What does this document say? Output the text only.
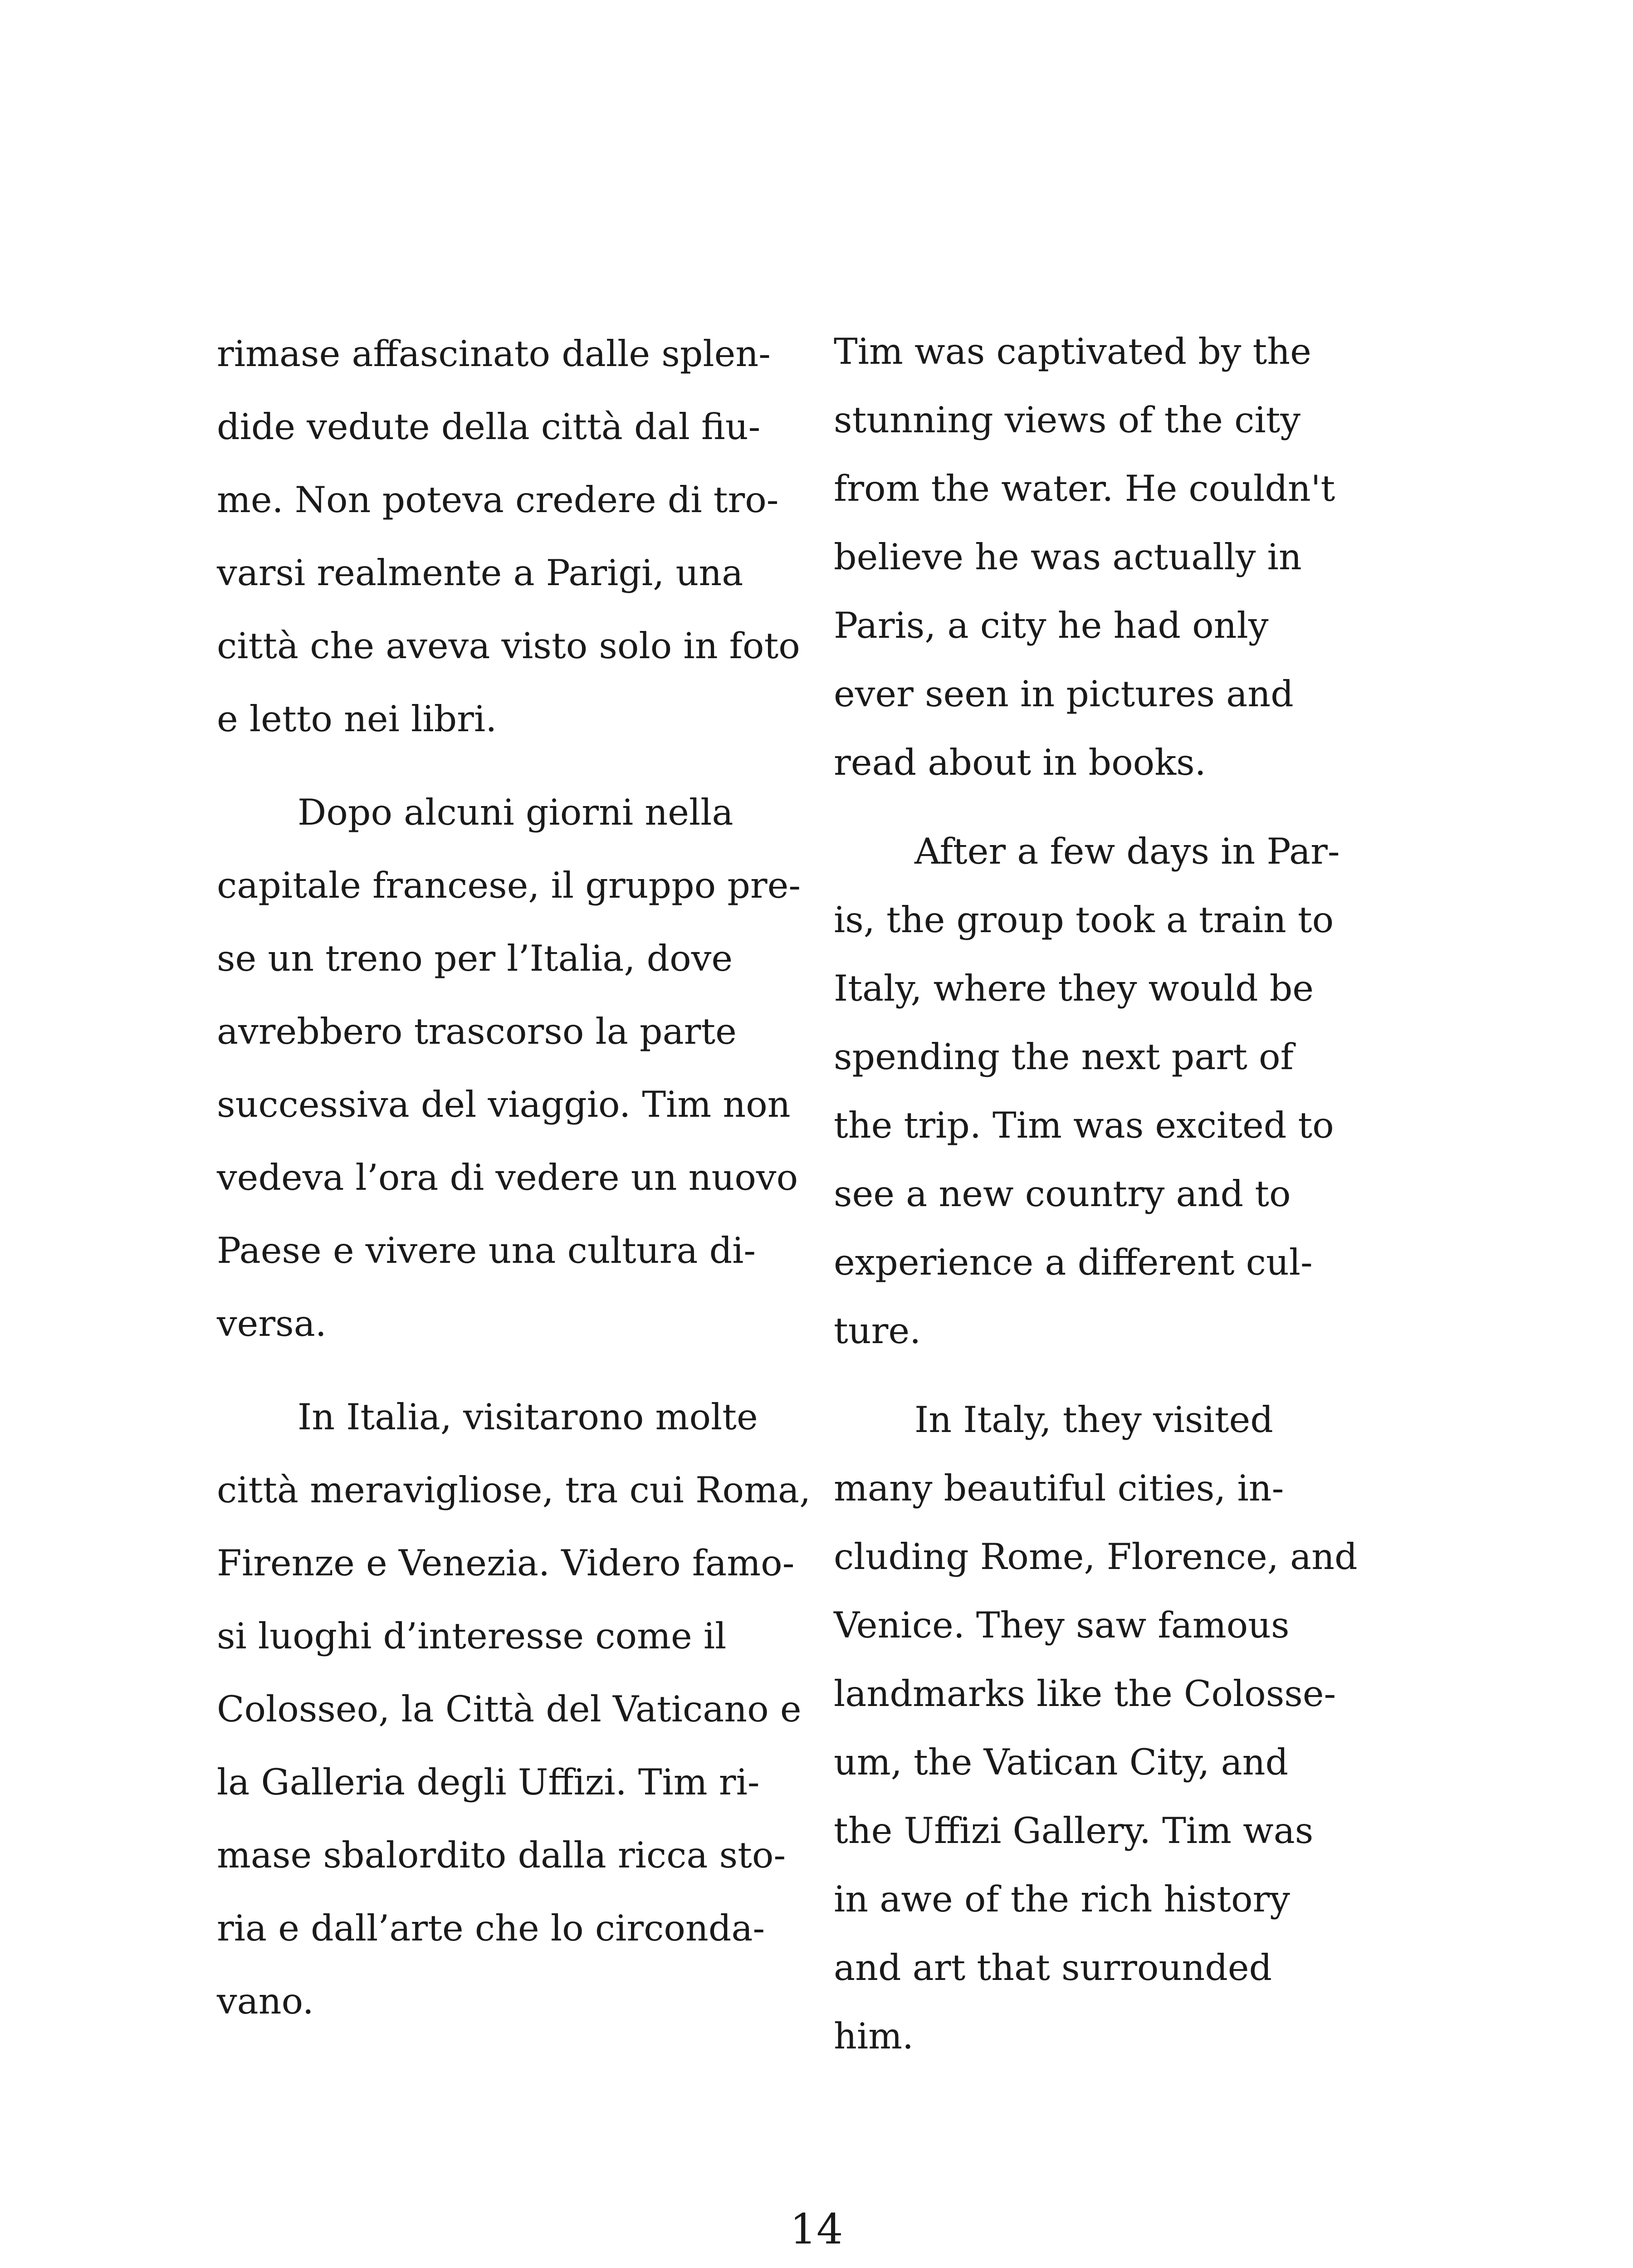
rimase affascinato dalle splen-
dide vedute della città dal fiu-
me. Non poteva credere di tro-
varsi realmente a Parigi, una
città che aveva visto solo in foto
e letto nei libri.
Dopo alcuni giorni nella
capitale francese, il gruppo pre-
se un treno per l’Italia, dove
avrebbero trascorso la parte
successiva del viaggio. Tim non
vedeva l’ora di vedere un nuovo
Paese e vivere una cultura di-
versa.
In Italia, visitarono molte
città meravigliose, tra cui Roma,
Firenze e Venezia. Videro famo-
si luoghi d’interesse come il
Colosseo, la Città del Vaticano e
la Galleria degli Uffizi. Tim ri-
mase sbalordito dalla ricca sto-
ria e dall’arte che lo circonda-
vano.
Tim was captivated by the
stunning views of the city
from the water. He couldn't
believe he was actually in
Paris, a city he had only
ever seen in pictures and
read about in books.
After a few days in Par-
is, the group took a train to
Italy, where they would be
spending the next part of
the trip. Tim was excited to
see a new country and to
experience a different cul-
ture.
In Italy, they visited
many beautiful cities, in-
cluding Rome, Florence, and
Venice. They saw famous
landmarks like the Colosse-
um, the Vatican City, and
the Uffizi Gallery. Tim was
in awe of the rich history
and art that surrounded
him.
14
